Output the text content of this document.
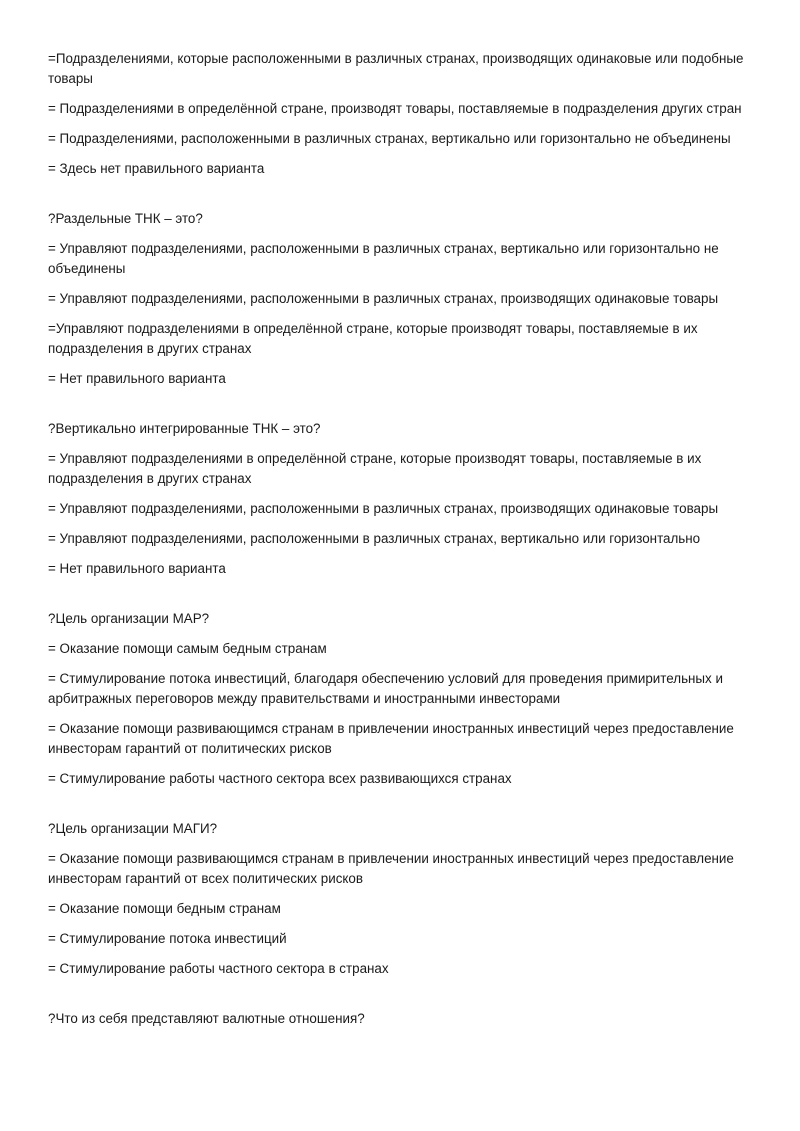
=Подразделениями, которые расположенными в различных странах, производящих одинаковые или подобные товары

= Подразделениями в определённой стране, производят товары, поставляемые в подразделения других стран

= Подразделениями, расположенными в различных странах, вертикально или горизонтально не объединены

= Здесь нет правильного варианта

?Раздельные ТНК – это?

= Управляют подразделениями, расположенными в различных странах, вертикально или горизонтально не объединены

= Управляют подразделениями, расположенными в различных странах, производящих одинаковые товары

=Управляют подразделениями в определённой стране, которые производят товары, поставляемые в их подразделения в других странах

= Нет правильного варианта

?Вертикально интегрированные ТНК – это?

= Управляют подразделениями в определённой стране, которые производят товары, поставляемые в их подразделения в других странах

= Управляют подразделениями, расположенными в различных странах, производящих одинаковые товары

= Управляют подразделениями, расположенными в различных странах, вертикально или горизонтально

= Нет правильного варианта

?Цель организации МАР?

= Оказание помощи самым бедным странам

= Стимулирование потока инвестиций, благодаря обеспечению условий для проведения примирительных и арбитражных переговоров между правительствами и иностранными инвесторами

= Оказание помощи развивающимся странам в привлечении иностранных инвестиций через предоставление инвесторам гарантий от политических рисков

= Стимулирование работы частного сектора всех развивающихся странах

?Цель организации МАГИ?

= Оказание помощи развивающимся странам в привлечении иностранных инвестиций через предоставление инвесторам гарантий от всех политических рисков

= Оказание помощи бедным странам

= Стимулирование потока инвестиций

= Стимулирование работы частного сектора в странах

?Что из себя представляют валютные отношения?
